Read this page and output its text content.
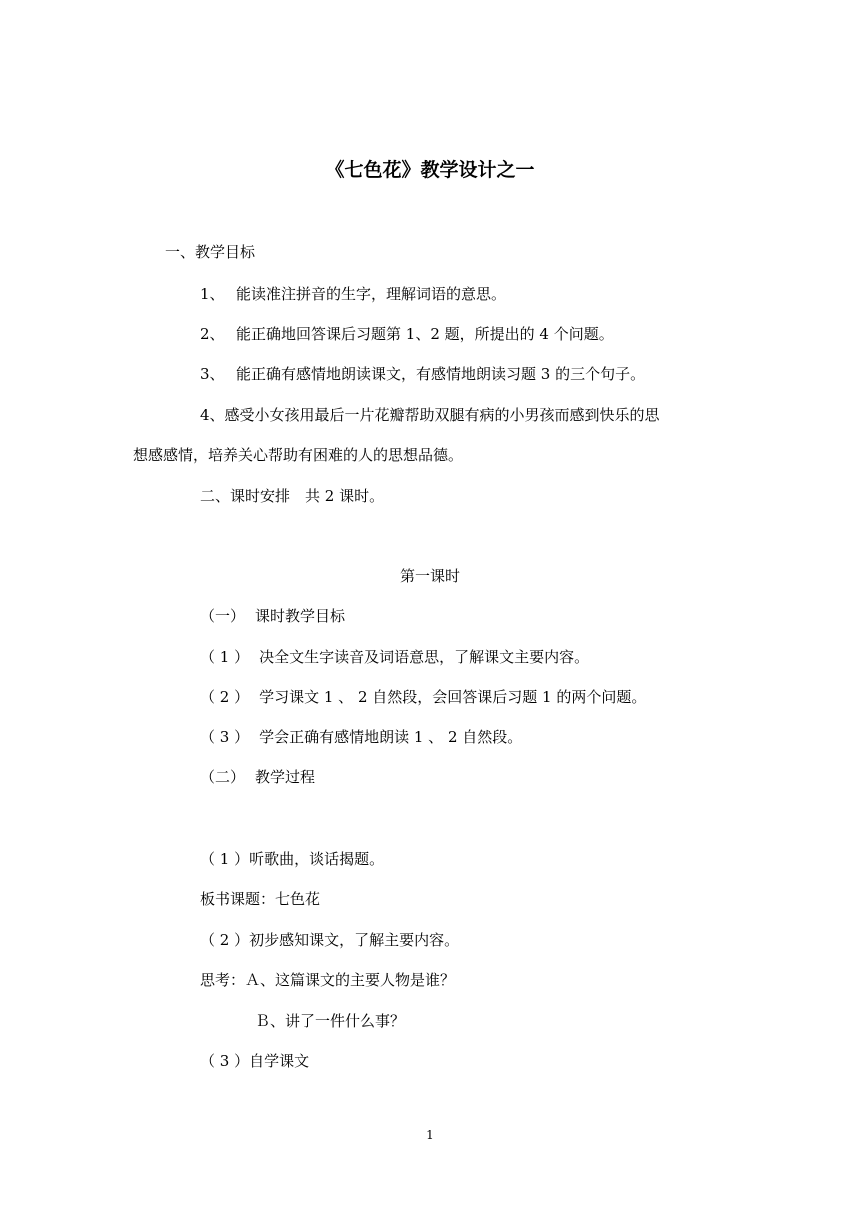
《七色花》教学设计之一
一、教学目标
1、 能读准注拼音的生字，理解词语的意思。
2、 能正确地回答课后习题第 1、2 题，所提出的 4 个问题。
3、 能正确有感情地朗读课文，有感情地朗读习题 3 的三个句子。
4、感受小女孩用最后一片花瓣帮助双腿有病的小男孩而感到快乐的思
想感感情，培养关心帮助有困难的人的思想品德。
二、课时安排　共 2 课时。
第一课时
（一） 课时教学目标
（ 1 ） 决全文生字读音及词语意思，了解课文主要内容。
（ 2 ） 学习课文 1 、 2 自然段，会回答课后习题 1 的两个问题。
（ 3 ） 学会正确有感情地朗读 1 、 2 自然段。
（二） 教学过程
（ 1 ）听歌曲，谈话揭题。
板书课题：七色花
（ 2 ）初步感知课文，了解主要内容。
思考：Ａ、这篇课文的主要人物是谁？
Ｂ、讲了一件什么事？
（ 3 ）自学课文
1
